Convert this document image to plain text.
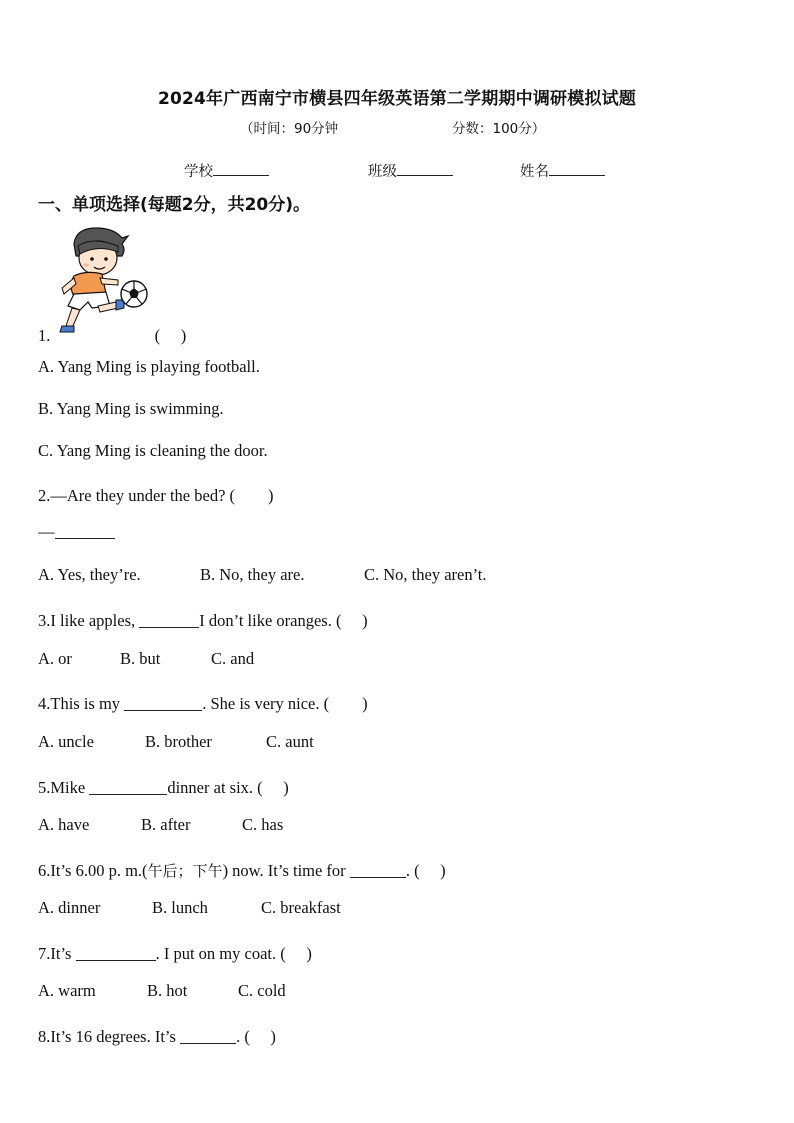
2024年广西南宁市横县四年级英语第二学期期中调研模拟试题
（时间：90分钟	分数：100分）
学校	班级	姓名
一、单项选择(每题2分，共20分)。
1.	(　 )
A. Yang Ming is playing football.
B. Yang Ming is swimming.
C. Yang Ming is cleaning the door.
2.—Are they under the bed? (　　)
—
A. Yes, they’re.	B. No, they are.	C. No, they aren’t.
3.I like apples,	I don’t like oranges. (　 )
A. or	B. but	C. and
4.This is my	. She is very nice. (　　)
A. uncle	B. brother	C. aunt
5.Mike	dinner at six. (　 )
A. have	B. after	C. has
6.It’s 6.00 p. m.(午后；下午) now. It’s time for	. (　 )
A. dinner	B. lunch	C. breakfast
7.It’s	. I put on my coat. (　 )
A. warm	B. hot	C. cold
8.It’s 16 degrees. It’s	. (　 )
